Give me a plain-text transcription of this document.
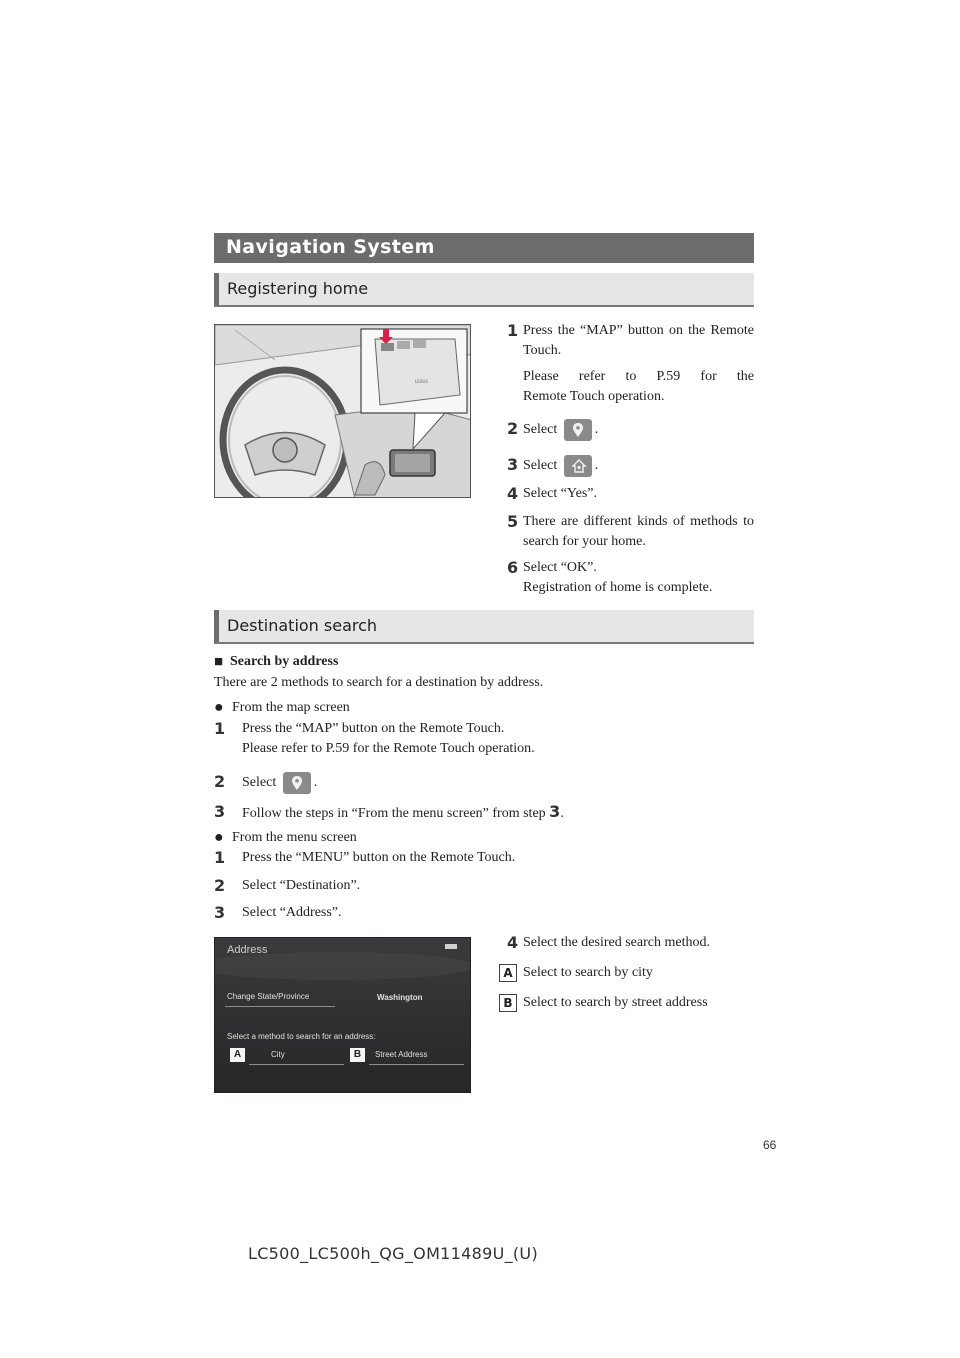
Navigation System
Registering home
LEXUS
1 Press the “MAP” button on the Remote
Touch.
Please refer to P.59 for the
Remote Touch operation.
2 Select	.
3 Select	.
4 Select “Yes”.
5 There are different kinds of methods to
search for your home.
6 Select “OK”.
Registration of home is complete.
Destination search
■ Search by address
There are 2 methods to search for a destination by address.
● From the map screen
1 Press the “MAP” button on the Remote Touch.
Please refer to P.59 for the Remote Touch operation.
2 Select	.
3 Follow the steps in “From the menu screen” from step 3.
● From the menu screen
1 Press the “MENU” button on the Remote Touch.
2 Select “Destination”.
3 Select “Address”.
4 Select the desired search method.
Address
Change State/Province	Washington
Select a method to search for an address:
A	City	B	Street Address
A Select to search by city
B Select to search by street address
66
LC500_LC500h_QG_OM11489U_(U)
